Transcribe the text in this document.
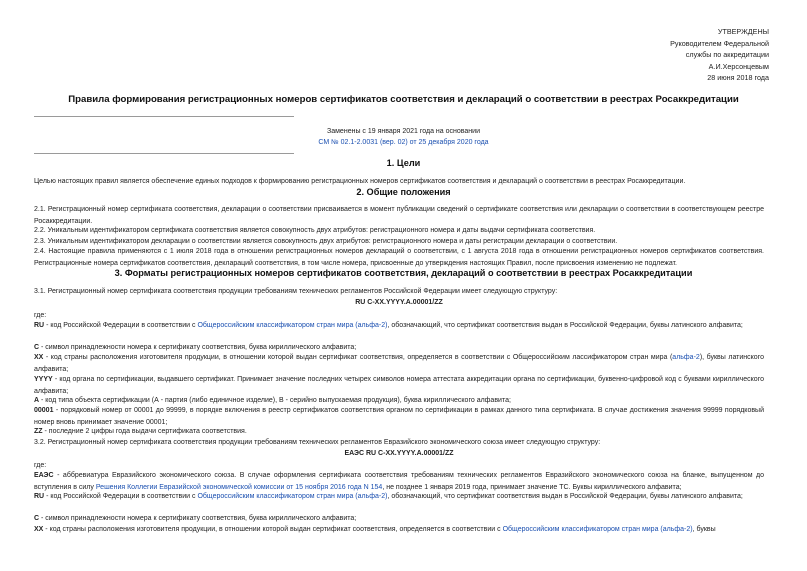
УТВЕРЖДЕНЫ
Руководителем Федеральной
службы по аккредитации
А.И.Херсонцевым
28 июня 2018 года
Правила формирования регистрационных номеров сертификатов соответствия и деклараций о соответствии в реестрах Росаккредитации
Заменены с 19 января 2021 года на основании
СМ № 02.1-2.0031 (вер. 02) от 25 декабря 2020 года
1. Цели
Целью настоящих правил является обеспечение единых подходов к формированию регистрационных номеров сертификатов соответствия и деклараций о соответствии в реестрах Росаккредитации.
2. Общие положения
2.1. Регистрационный номер сертификата соответствия, декларации о соответствии присваивается в момент публикации сведений о сертификате соответствия или декларации о соответствии в соответствующем реестре Росаккредитации.
2.2. Уникальным идентификатором сертификата соответствия является совокупность двух атрибутов: регистрационного номера и даты выдачи сертификата соответствия.
2.3. Уникальным идентификатором декларации о соответствии является совокупность двух атрибутов: регистрационного номера и даты регистрации декларации о соответствии.
2.4. Настоящие правила применяются с 1 июля 2018 года в отношении регистрационных номеров деклараций о соответствии, с 1 августа 2018 года в отношении регистрационных номеров сертификатов соответствия. Регистрационные номера сертификатов соответствия, деклараций соответствия, в том числе номера, присвоенные до утверждения настоящих Правил, после присвоения изменению не подлежат.
3. Форматы регистрационных номеров сертификатов соответствия, деклараций о соответствии в реестрах Росаккредитации
3.1. Регистрационный номер сертификата соответствия продукции требованиям технических регламентов Российской Федерации имеет следующую структуру:
RU C-XX.YYYY.A.00001/ZZ
где:
RU - код Российской Федерации в соответствии с Общероссийским классификатором стран мира (альфа-2), обозначающий, что сертификат соответствия выдан в Российской Федерации, буквы латинского алфавита;
С - символ принадлежности номера к сертификату соответствия, буква кириллического алфавита;
XX - код страны расположения изготовителя продукции, в отношении которой выдан сертификат соответствия, определяется в соответствии с Общероссийским лассификатором стран мира (альфа-2), буквы латинского алфавита;
YYYY - код органа по сертификации, выдавшего сертификат. Принимает значение последних четырех символов номера аттестата аккредитации органа по сертификации, буквенно-цифровой код с буквами кириллического алфавита;
A - код типа объекта сертификации (А - партия (либо единичное изделие), В - серийно выпускаемая продукция), буква кириллического алфавита;
00001 - порядковый номер от 00001 до 99999, в порядке включения в реестр сертификатов соответствия органом по сертификации в рамках данного типа сертификата. В случае достижения значения 99999 порядковый номер вновь принимает значение 00001;
ZZ - последние 2 цифры года выдачи сертификата соответствия.
3.2. Регистрационный номер сертификата соответствия продукции требованиям технических регламентов Евразийского экономического союза имеет следующую структуру:
ЕАЭС RU C-XX.YYYY.A.00001/ZZ
где:
ЕАЭС - аббревиатура Евразийского экономического союза. В случае оформления сертификата соответствия требованиям технических регламентов Евразийского экономического союза на бланке, выпущенном до вступления в силу Решения Коллегии Евразийской экономической комиссии от 15 ноября 2016 года N 154, не позднее 1 января 2019 года, принимает значение ТС. Буквы кириллического алфавита;
RU - код Российской Федерации в соответствии с Общероссийским классификатором стран мира (альфа-2), обозначающий, что сертификат соответствия выдан в Российской Федерации, буквы латинского алфавита;
С - символ принадлежности номера к сертификату соответствия, буква кириллического алфавита;
XX - код страны расположения изготовителя продукции, в отношении которой выдан сертификат соответствия, определяется в соответствии с Общероссийским классификатором стран мира (альфа-2), буквы
